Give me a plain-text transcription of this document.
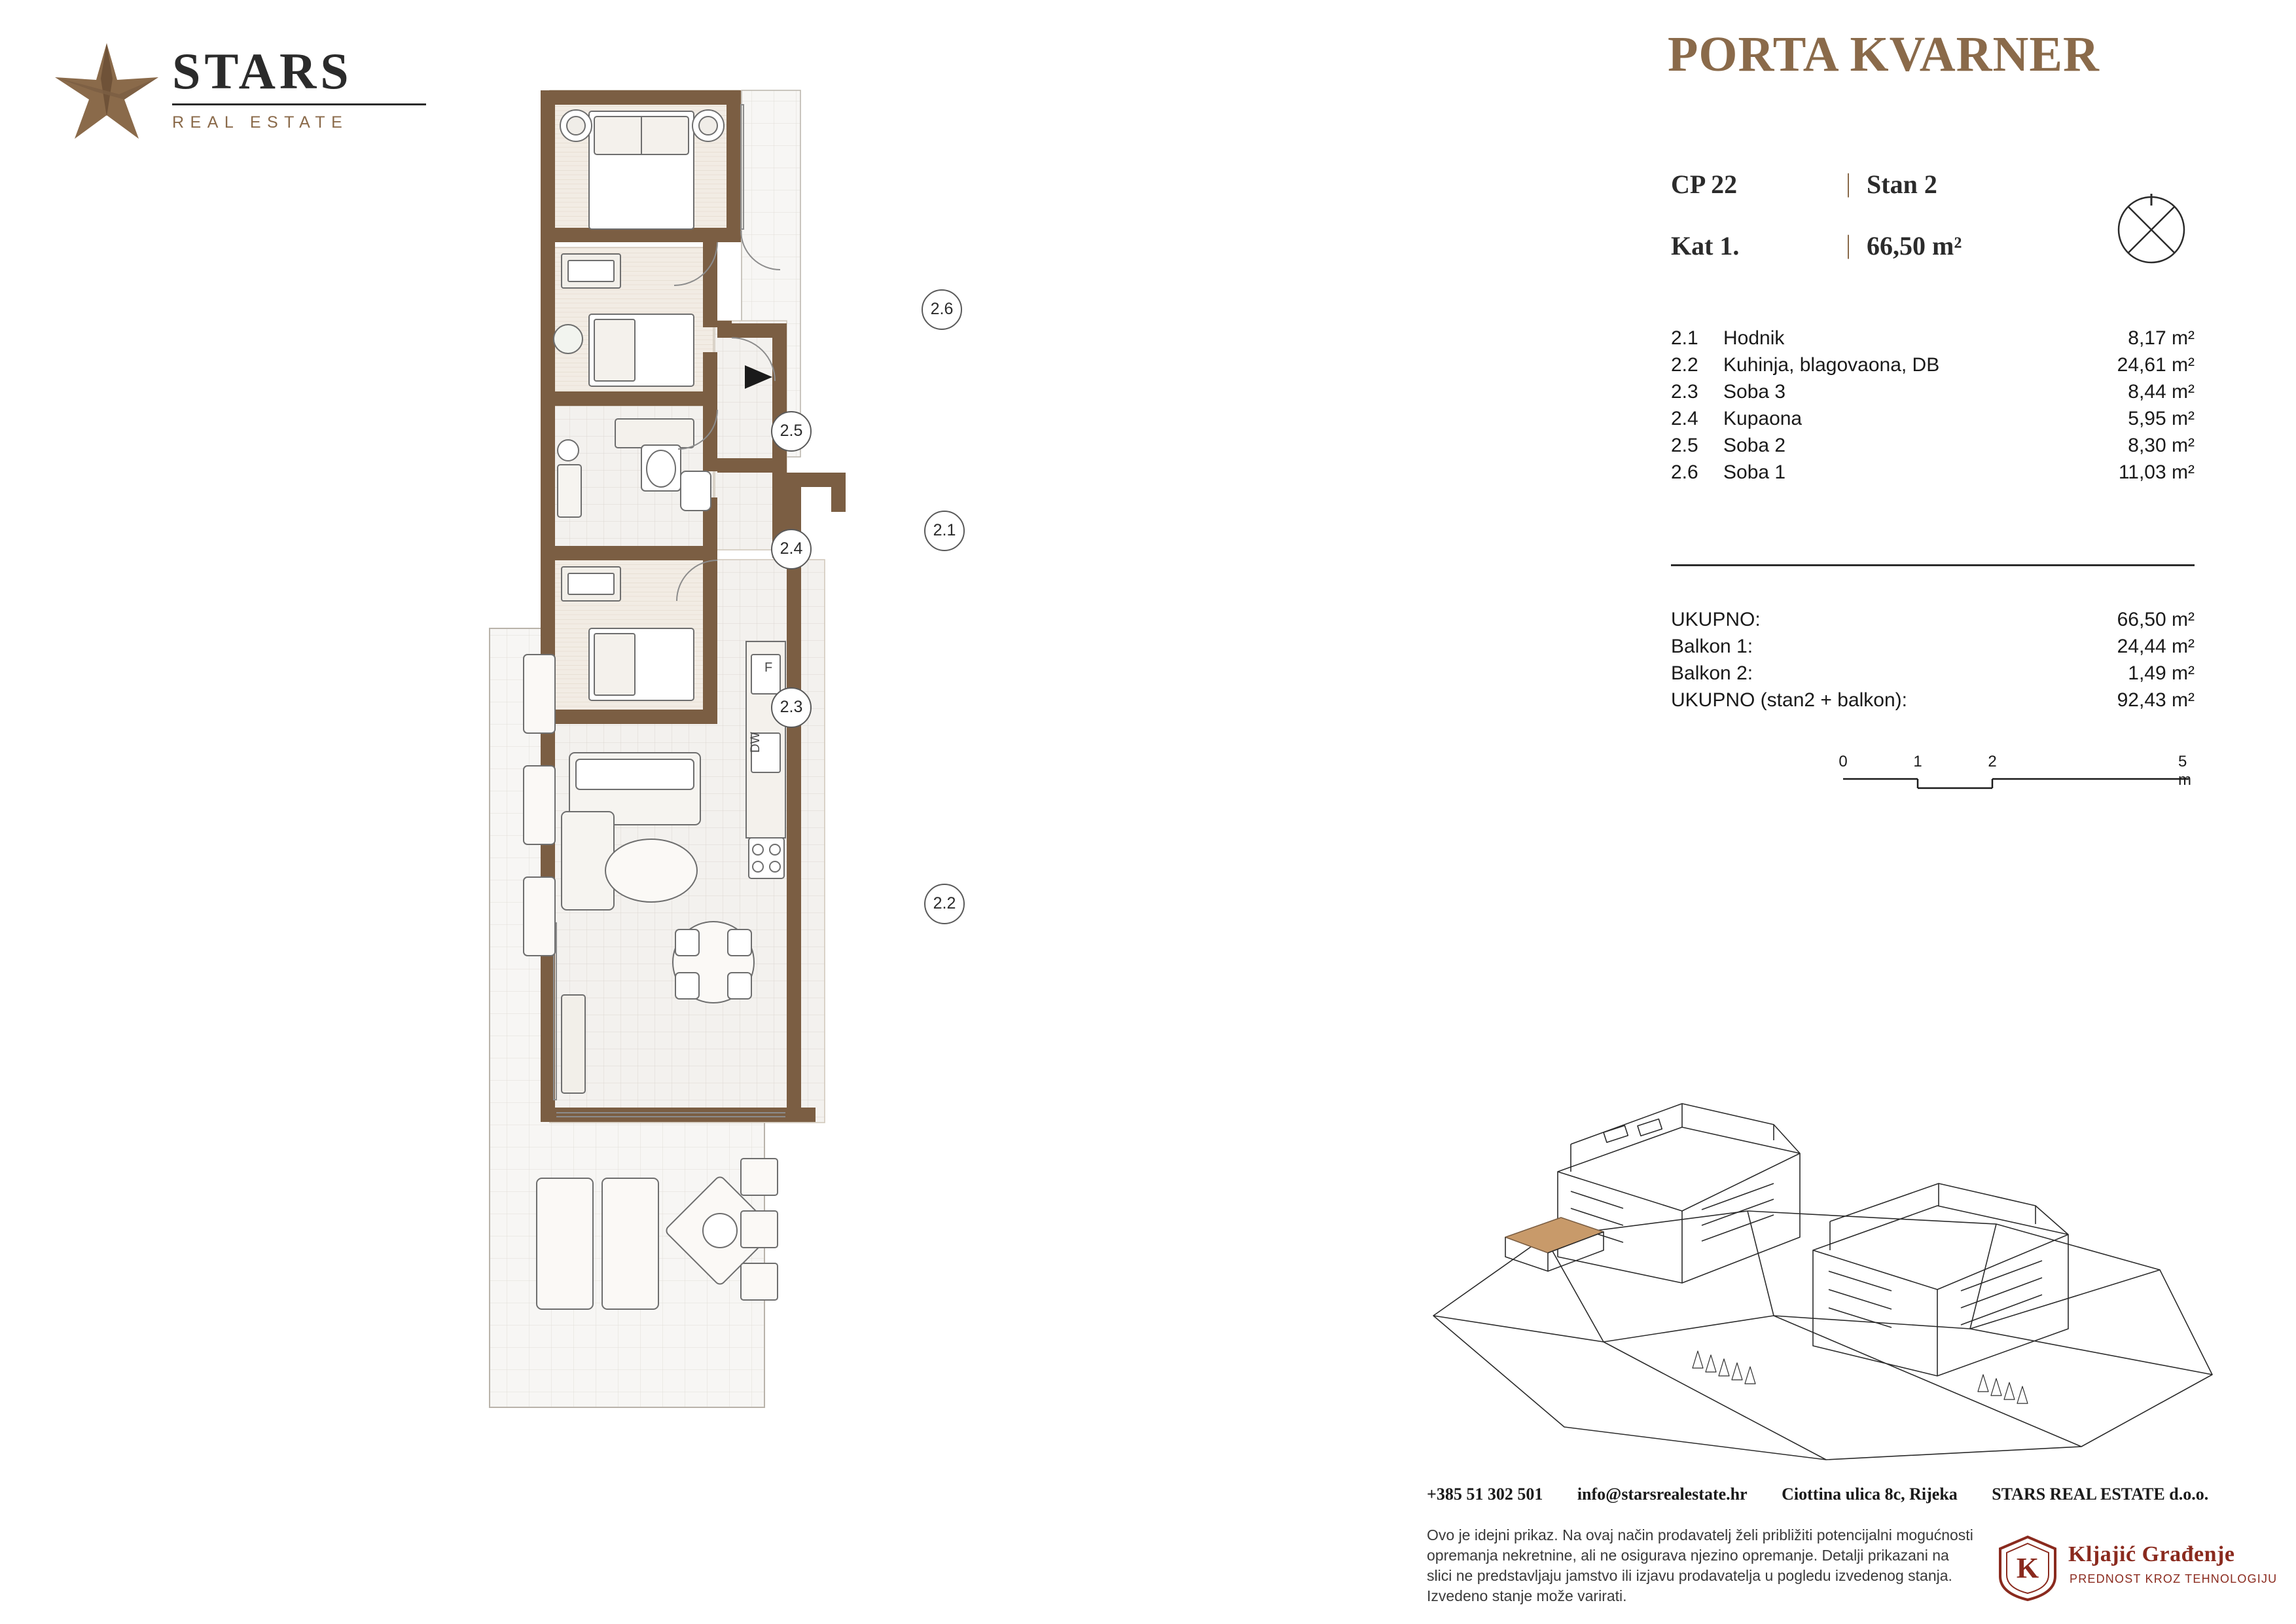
STARS
REAL ESTATE
PORTA KVARNER
CP 22	| Stan 2
Kat 1.	| 66,50 m²
2.1	Hodnik	8,17 m²
2.2	Kuhinja, blagovaona, DB	24,61 m²
2.3	Soba 3	8,44 m²
2.4	Kupaona	5,95 m²
2.5	Soba 2	8,30 m²
2.6	Soba 1	11,03 m²
UKUPNO:	66,50 m²
Balkon 1:	24,44 m²
Balkon 2:	1,49 m²
UKUPNO (stan2 + balkon):	92,43 m²
0	1	2	5 m
F
DW
2.6
2.5
2.4
2.1
2.3
2.2
+385 51 302 501 info@starsrealestate.hr Ciottina ulica 8c, Rijeka STARS REAL ESTATE d.o.o.
Ovo je idejni prikaz. Na ovaj način prodavatelj želi približiti potencijalni mogućnosti opremanja nekretnine, ali ne osigurava njezino opremanje. Detalji prikazani na slici ne predstavljaju jamstvo ili izjavu prodavatelja u pogledu izvedenog stanja. Izvedeno stanje može varirati.
K Kljajić Građenje
PREDNOST KROZ TEHNOLOGIJU
